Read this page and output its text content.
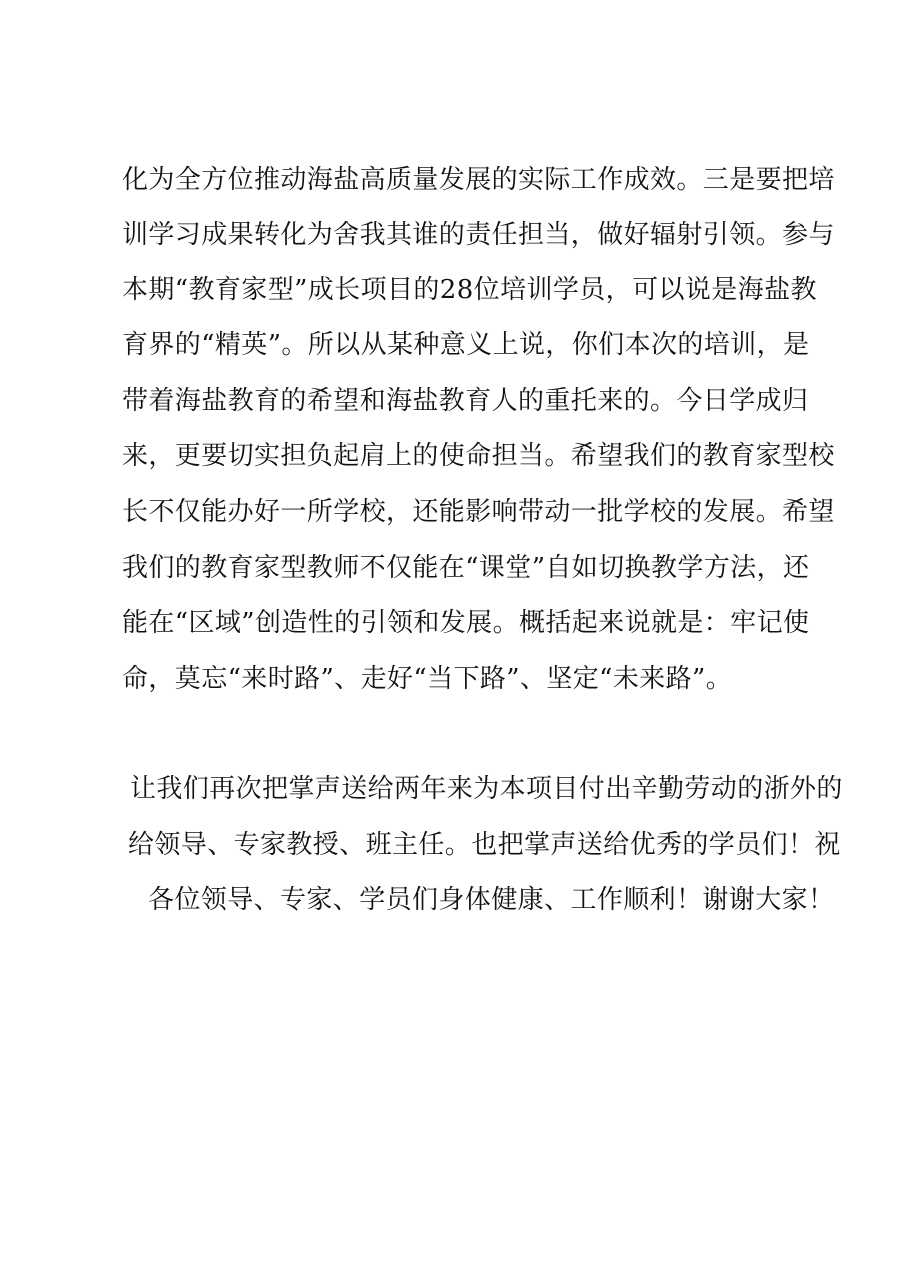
化为全方位推动海盐高质量发展的实际工作成效。三是要把培
训学习成果转化为舍我其谁的责任担当，做好辐射引领。参与
本期“教育家型”成长项目的28位培训学员，可以说是海盐教
育界的“精英”。所以从某种意义上说，你们本次的培训，是
带着海盐教育的希望和海盐教育人的重托来的。今日学成归
来，更要切实担负起肩上的使命担当。希望我们的教育家型校
长不仅能办好一所学校，还能影响带动一批学校的发展。希望
我们的教育家型教师不仅能在“课堂”自如切换教学方法，还
能在“区域”创造性的引领和发展。概括起来说就是：牢记使
命，莫忘“来时路”、走好“当下路”、坚定“未来路”。
让我们再次把掌声送给两年来为本项目付出辛勤劳动的浙外的
给领导、专家教授、班主任。也把掌声送给优秀的学员们！祝
各位领导、专家、学员们身体健康、工作顺利！谢谢大家！
